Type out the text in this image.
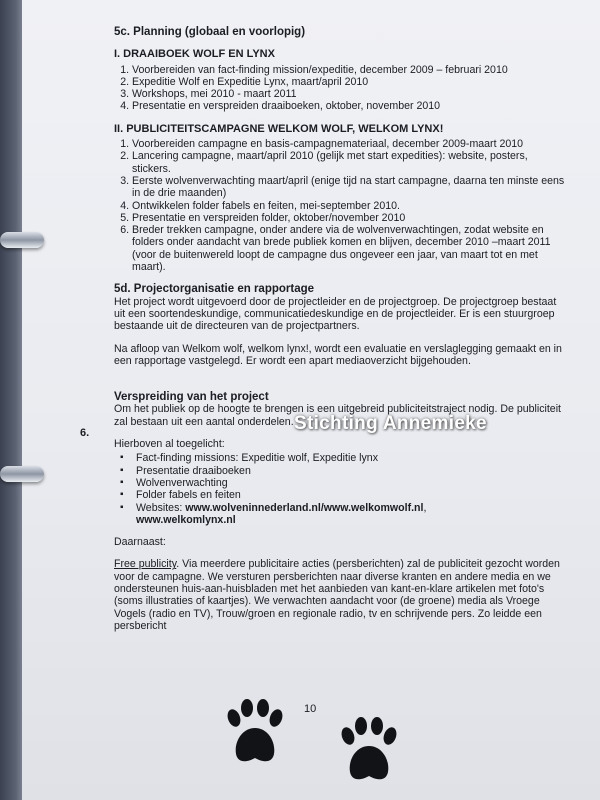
5c. Planning (globaal en voorlopig)

I. DRAAIBOEK WOLF EN LYNX

1. Voorbereiden van fact-finding mission/expeditie, december 2009 – februari 2010
2. Expeditie Wolf en Expeditie Lynx, maart/april 2010
3. Workshops, mei 2010 - maart 2011
4. Presentatie en verspreiden draaiboeken, oktober, november 2010

II. PUBLICITEITSCAMPAGNE WELKOM WOLF, WELKOM LYNX!

1. Voorbereiden campagne en basis-campagnemateriaal, december 2009-maart 2010
2. Lancering campagne, maart/april 2010 (gelijk met start expedities): website, posters, stickers.
3. Eerste wolvenverwachting maart/april (enige tijd na start campagne, daarna ten minste eens in de drie maanden)
4. Ontwikkelen folder fabels en feiten, mei-september 2010.
5. Presentatie en verspreiden folder, oktober/november 2010
6. Breder trekken campagne, onder andere via de wolvenverwachtingen, zodat website en folders onder aandacht van brede publiek komen en blijven, december 2010 –maart 2011 (voor de buitenwereld loopt de campagne dus ongeveer een jaar, van maart tot en met maart).

5d. Projectorganisatie en rapportage

Het project wordt uitgevoerd door de projectleider en de projectgroep. De projectgroep bestaat uit een soortendeskundige, communicatiedeskundige en de projectleider. Er is een stuurgroep bestaande uit de directeuren van de projectpartners.

Na afloop van Welkom wolf, welkom lynx!, wordt een evaluatie en verslaglegging gemaakt en in een rapportage vastgelegd. Er wordt een apart mediaoverzicht bijgehouden.

Verspreiding van het project

Om het publiek op de hoogte te brengen is een uitgebreid publiciteitstraject nodig. De publiciteit zal bestaan uit een aantal onderdelen.

Hierboven al toegelicht:

▪ Fact-finding missions: Expeditie wolf, Expeditie lynx
▪ Presentatie draaiboeken
▪ Wolvenverwachting
▪ Folder fabels en feiten
▪ Websites: www.wolveninnederland.nl/www.welkomwolf.nl,
www.welkomlynx.nl

Daarnaast:

Free publicity. Via meerdere publicitaire acties (persberichten) zal de publiciteit gezocht worden voor de campagne. We versturen persberichten naar diverse kranten en andere media en we ondersteunen huis-aan-huisbladen met het aanbieden van kant-en-klare artikelen met foto's (soms illustraties of kaartjes). We verwachten aandacht voor (de groene) media als Vroege Vogels (radio en TV), Trouw/groen en regionale radio, tv en schrijvende pers. Zo leidde een persbericht

6.	Stichting Annemieke
10
